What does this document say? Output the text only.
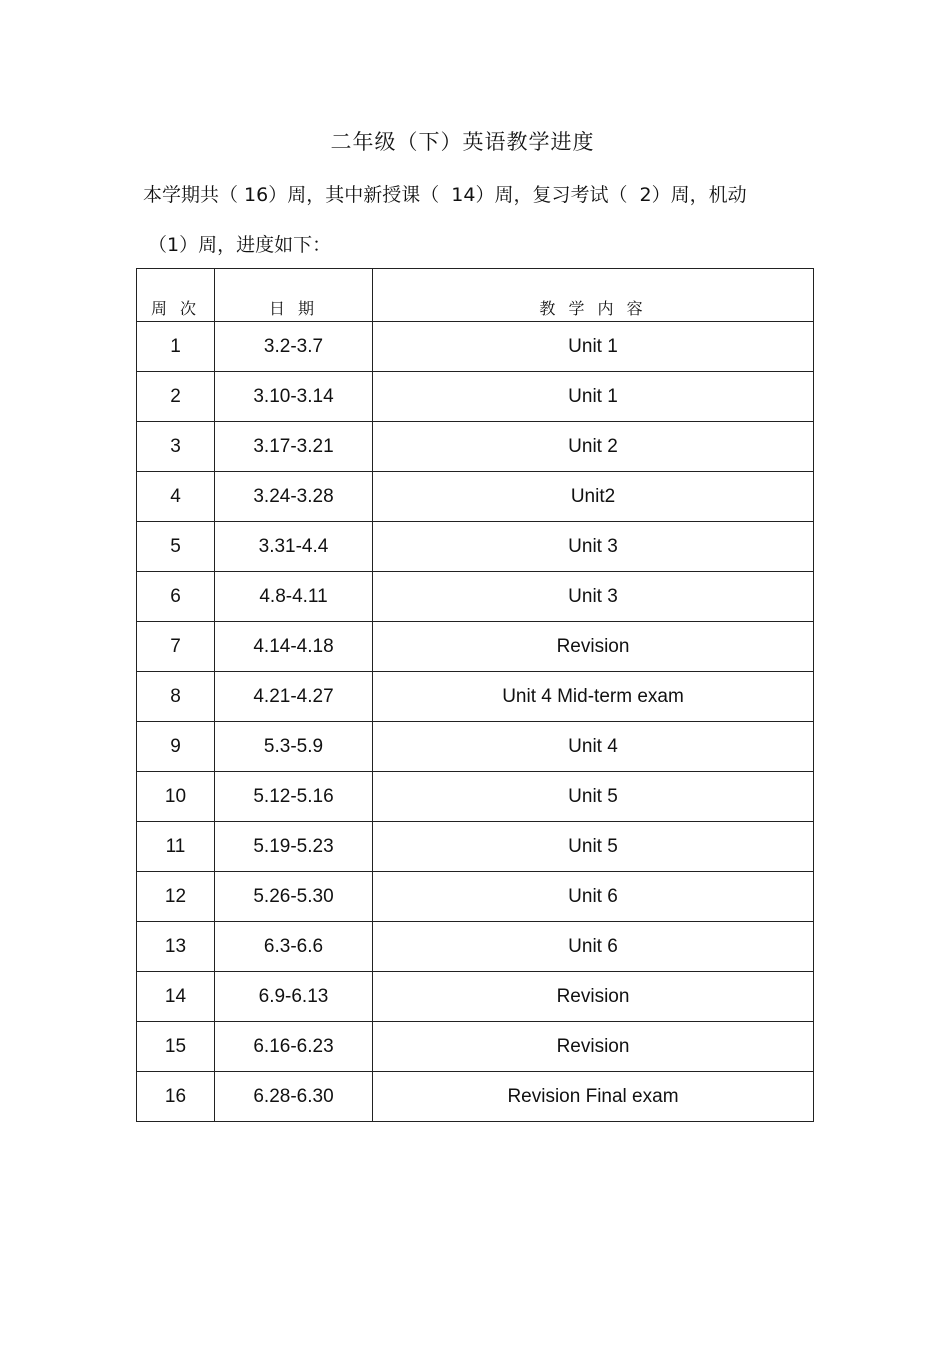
二年级（下）英语教学进度
本学期共（ 16）周，其中新授课（  14）周，复习考试（  2）周，机动
（1）周，进度如下：
周 次	日 期	教 学 内 容
1	3.2-3.7	Unit 1
2	3.10-3.14	Unit 1
3	3.17-3.21	Unit 2
4	3.24-3.28	Unit2
5	3.31-4.4	Unit 3
6	4.8-4.11	Unit 3
7	4.14-4.18	Revision
8	4.21-4.27	Unit 4 Mid-term exam
9	5.3-5.9	Unit 4
10	5.12-5.16	Unit 5
11	5.19-5.23	Unit 5
12	5.26-5.30	Unit 6
13	6.3-6.6	Unit 6
14	6.9-6.13	Revision
15	6.16-6.23	Revision
16	6.28-6.30	Revision Final exam
